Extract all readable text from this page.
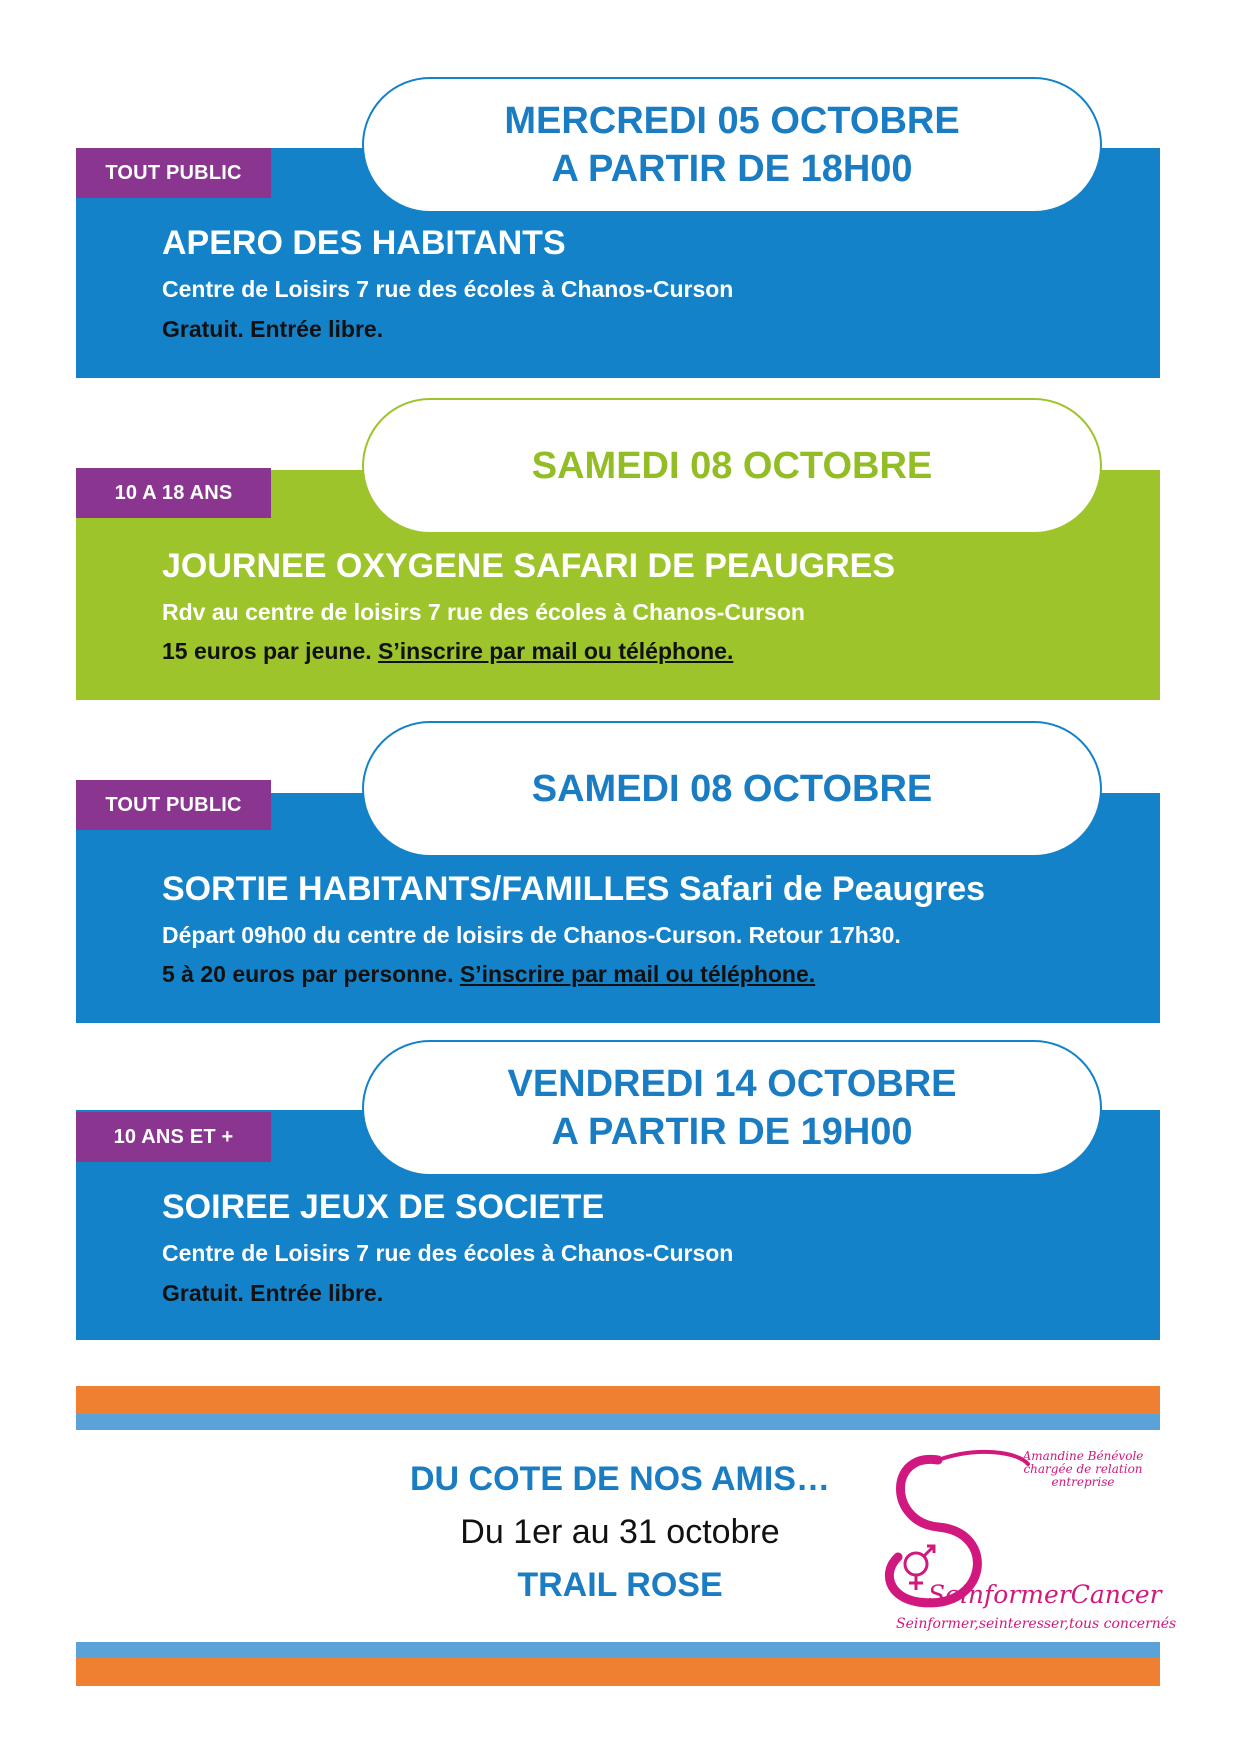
TOUT PUBLIC
MERCREDI 05 OCTOBRE
A PARTIR DE 18H00
APERO DES HABITANTS
Centre de Loisirs 7 rue des écoles à Chanos-Curson
Gratuit. Entrée libre.
10 A 18 ANS
SAMEDI 08 OCTOBRE
JOURNEE OXYGENE SAFARI DE PEAUGRES
Rdv au centre de loisirs 7 rue des écoles à Chanos-Curson
15 euros par jeune. S’inscrire par mail ou téléphone.
TOUT PUBLIC	SAMEDI 08 OCTOBRE
SORTIE HABITANTS/FAMILLES Safari de Peaugres
Départ 09h00 du centre de loisirs de Chanos-Curson. Retour 17h30.
5 à 20 euros par personne. S’inscrire par mail ou téléphone.
10 ANS ET +
VENDREDI 14 OCTOBRE
A PARTIR DE 19H00
SOIREE JEUX DE SOCIETE
Centre de Loisirs 7 rue des écoles à Chanos-Curson
Gratuit. Entrée libre.
DU COTE DE NOS AMIS…
Du 1er au 31 octobre
TRAIL ROSE
Amandine Bénévole chargée de relation entreprise
SeinformerCancer
Seinformer,seinteresser,tous concernés
